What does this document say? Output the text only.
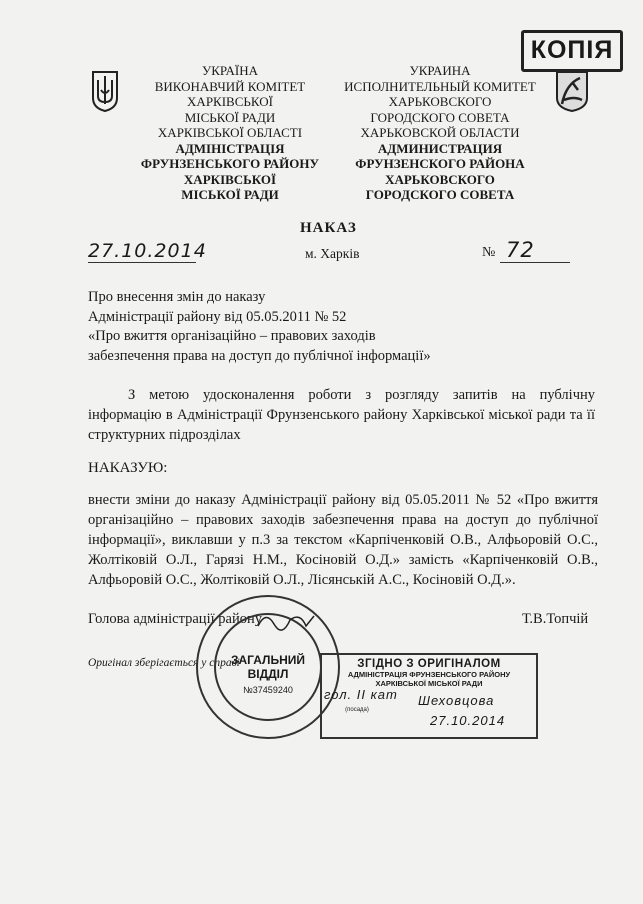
КОПІЯ
УКРАЇНА
ВИКОНАВЧИЙ КОМІТЕТ
ХАРКІВСЬКОЇ
МІСЬКОЇ РАДИ
ХАРКІВСЬКОЇ ОБЛАСТІ
АДМІНІСТРАЦІЯ
ФРУНЗЕНСЬКОГО РАЙОНУ
ХАРКІВСЬКОЇ
МІСЬКОЇ РАДИ
УКРАИНА
ИСПОЛНИТЕЛЬНЫЙ КОМИТЕТ
ХАРЬКОВСКОГО
ГОРОДСКОГО СОВЕТА
ХАРЬКОВСКОЙ ОБЛАСТИ
АДМИНИСТРАЦИЯ
ФРУНЗЕНСКОГО РАЙОНА
ХАРЬКОВСКОГО
ГОРОДСКОГО СОВЕТА
НАКАЗ
27.10.2014	м. Харків	№ 72
Про внесення змін до наказу
Адміністрації району від 05.05.2011 № 52
«Про вжиття організаційно – правових заходів
забезпечення права на доступ до публічної інформації»
З метою удосконалення роботи з розгляду запитів на публічну
інформацію в Адміністрації Фрунзенського району Харківської міської ради та її структурних підрозділах
НАКАЗУЮ:
внести зміни до наказу Адміністрації району від 05.05.2011 № 52 «Про вжиття організаційно – правових заходів забезпечення права на доступ до публічної інформації», виклавши у п.3 за текстом «Карпіченковій О.В., Алфьоровій О.С., Жолтіковій О.Л., Гарязі Н.М., Косіновій О.Д.» замість «Карпіченковій О.В., Алфьоровій О.С., Жолтіковій О.Л., Лісянській А.С., Косіновій О.Д.».
Голова адміністрації району	Т.В.Топчій
Оригінал зберігається у справі
ЗАГАЛЬНИЙ
ВІДДІЛ
№37459240
ЗГІДНО З ОРИГІНАЛОМ
АДМІНІСТРАЦІЯ ФРУНЗЕНСЬКОГО РАЙОНУ
ХАРКІВСЬКОЇ МІСЬКОЇ РАДИ
гол. ІІ кат
(посада)
Шеховцова
27.10.2014
